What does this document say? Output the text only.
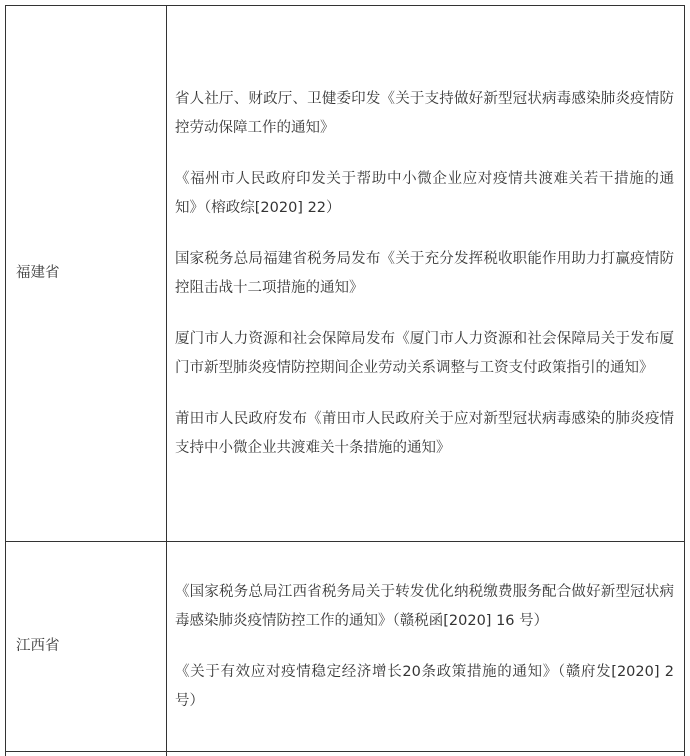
福建省	省人社厅、财政厅、卫健委印发《关于支持做好新型冠状病毒感染肺炎疫情防控劳动保障工作的通知》

《福州市人民政府印发关于帮助中小微企业应对疫情共渡难关若干措施的通知》（榕政综[2020] 22）

国家税务总局福建省税务局发布《关于充分发挥税收职能作用助力打赢疫情防控阻击战十二项措施的通知》

厦门市人力资源和社会保障局发布《厦门市人力资源和社会保障局关于发布厦门市新型肺炎疫情防控期间企业劳动关系调整与工资支付政策指引的通知》

莆田市人民政府发布《莆田市人民政府关于应对新型冠状病毒感染的肺炎疫情支持中小微企业共渡难关十条措施的通知》

江西省	《国家税务总局江西省税务局关于转发优化纳税缴费服务配合做好新型冠状病毒感染肺炎疫情防控工作的通知》（赣税函[2020] 16 号）

《关于有效应对疫情稳定经济增长20条政策措施的通知》（赣府发[2020] 2号）
